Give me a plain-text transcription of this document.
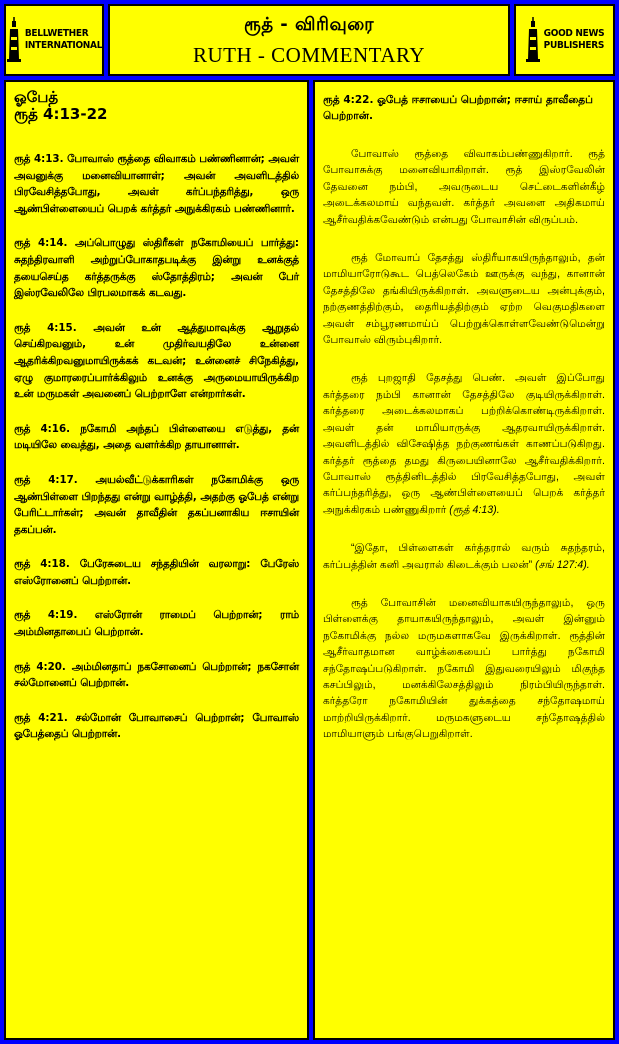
BELLWETHER
INTERNATIONAL
ரூத் - விரிவுரை
RUTH - COMMENTARY
GOOD NEWS
PUBLISHERS
ஓபேத்
ரூத் 4:13-22

ரூத் 4:13. போவாஸ் ரூத்தை விவாகம் பண்ணினான்; அவள் அவனுக்கு மனைவியானாள்; அவன் அவளிடத்தில் பிரவேசித்தபோது, அவள் கர்ப்பந்தரித்து, ஒரு ஆண்பிள்ளையைப் பெறக் கர்த்தர் அநுக்கிரகம் பண்ணினார்.

ரூத் 4:14. அப்பொழுது ஸ்திரீகள் நகோமியைப் பார்த்து: சுதந்திரவாளி அற்றுப்போகாதபடிக்கு இன்று உனக்குத் தயைசெய்த கர்த்தருக்கு ஸ்தோத்திரம்; அவன் பேர் இஸ்ரவேலிலே பிரபலமாகக் கடவது.

ரூத் 4:15. அவன் உன் ஆத்துமாவுக்கு ஆறுதல் செய்கிறவனும், உன் முதிர்வயதிலே உன்னை ஆதரிக்கிறவனுமாயிருக்கக் கடவன்; உன்னைச் சிநேகித்து, ஏழு குமாரரைப்பார்க்கிலும் உனக்கு அருமையாயிருக்கிற உன் மருமகள் அவனைப் பெற்றாளே என்றார்கள்.

ரூத் 4:16. நகோமி அந்தப் பிள்ளையை எடுத்து, தன் மடியிலே வைத்து, அதை வளர்க்கிற தாயானாள்.

ரூத் 4:17. அயல்வீட்டுக்காரிகள் நகோமிக்கு ஒரு ஆண்பிள்ளை பிறந்தது என்று வாழ்த்தி, அதற்கு ஓபேத் என்று பேரிட்டார்கள்; அவன் தாவீதின் தகப்பனாகிய ஈசாயின் தகப்பன்.

ரூத் 4:18. பேரேசுடைய சந்ததியின் வரலாறு: பேரேஸ் எஸ்ரோனைப் பெற்றான்.

ரூத் 4:19. எஸ்ரோன் ராமைப் பெற்றான்; ராம் அம்மினதாபைப் பெற்றான்.

ரூத் 4:20. அம்மினதாப் நகசோனைப் பெற்றான்; நகசோன் சல்மோனைப் பெற்றான்.

ரூத் 4:21. சல்மோன் போவாசைப் பெற்றான்; போவாஸ் ஓபேத்தைப் பெற்றான்.

ரூத் 4:22. ஓபேத் ஈசாயைப் பெற்றான்; ஈசாய் தாவீதைப் பெற்றான்.

போவாஸ் ரூத்தை விவாகம்பண்ணுகிறார். ரூத் போவாசுக்கு மனைவியாகிறாள். ரூத் இஸ்ரவேலின் தேவனை நம்பி, அவருடைய செட்டைகளின்கீழ் அடைக்கலமாய் வந்தவள். கர்த்தர் அவளை அதிகமாய் ஆசீர்வதிக்கவேண்டும் என்பது போவாசின் விருப்பம்.

ரூத் மோவாப் தேசத்து ஸ்திரீயாகயிருந்தாலும், தன் மாமியாரோடுகூட பெத்லெகேம் ஊருக்கு வந்து, கானான் தேசத்திலே தங்கியிருக்கிறாள். அவளுடைய அன்புக்கும், நற்குணத்திற்கும், தைரியத்திற்கும் ஏற்ற வெகுமதிகளை அவள் சம்பூரணமாய்ப் பெற்றுக்கொள்ளவேண்டுமென்று போவாஸ் விரும்புகிறார்.

ரூத் புறஜாதி தேசத்து பெண். அவள் இப்போது கர்த்தரை நம்பி கானான் தேசத்திலே குடியிருக்கிறாள். கர்த்தரை அடைக்கலமாகப் பற்றிக்கொண்டிருக்கிறாள். அவள் தன் மாமியாருக்கு ஆதரவாயிருக்கிறாள். அவளிடத்தில் விசேஷித்த நற்குணங்கள் காணப்படுகிறது. கர்த்தர் ரூத்தை தமது கிருபையினாலே ஆசீர்வதிக்கிறார். போவாஸ் ரூத்தினிடத்தில் பிரவேசித்தபோது, அவள் கர்ப்பந்தரித்து, ஒரு ஆண்பிள்ளையைப் பெறக் கர்த்தர் அநுக்கிரகம் பண்ணுகிறார் (ரூத் 4:13).

“இதோ, பிள்ளைகள் கர்த்தரால் வரும் சுதந்தரம், கர்ப்பத்தின் கனி அவரால் கிடைக்கும் பலன்” (சங் 127:4).

ரூத் போவாசின் மனைவியாகயிருந்தாலும், ஒரு பிள்ளைக்கு தாயாகயிருந்தாலும், அவள் இன்னும் நகோமிக்கு நல்ல மருமகளாகவே இருக்கிறாள். ரூத்தின் ஆசீர்வாதமான வாழ்க்கையைப் பார்த்து நகோமி சந்தோஷப்படுகிறாள். நகோமி இதுவரையிலும் மிகுந்த கசப்பிலும், மனக்கிலேசத்திலும் நிரம்பியிருந்தாள். கர்த்தரோ நகோமியின் துக்கத்தை சந்தோஷமாய் மாற்றியிருக்கிறார். மருமகளுடைய சந்தோஷத்தில் மாமியாளும் பங்குபெறுகிறாள்.
